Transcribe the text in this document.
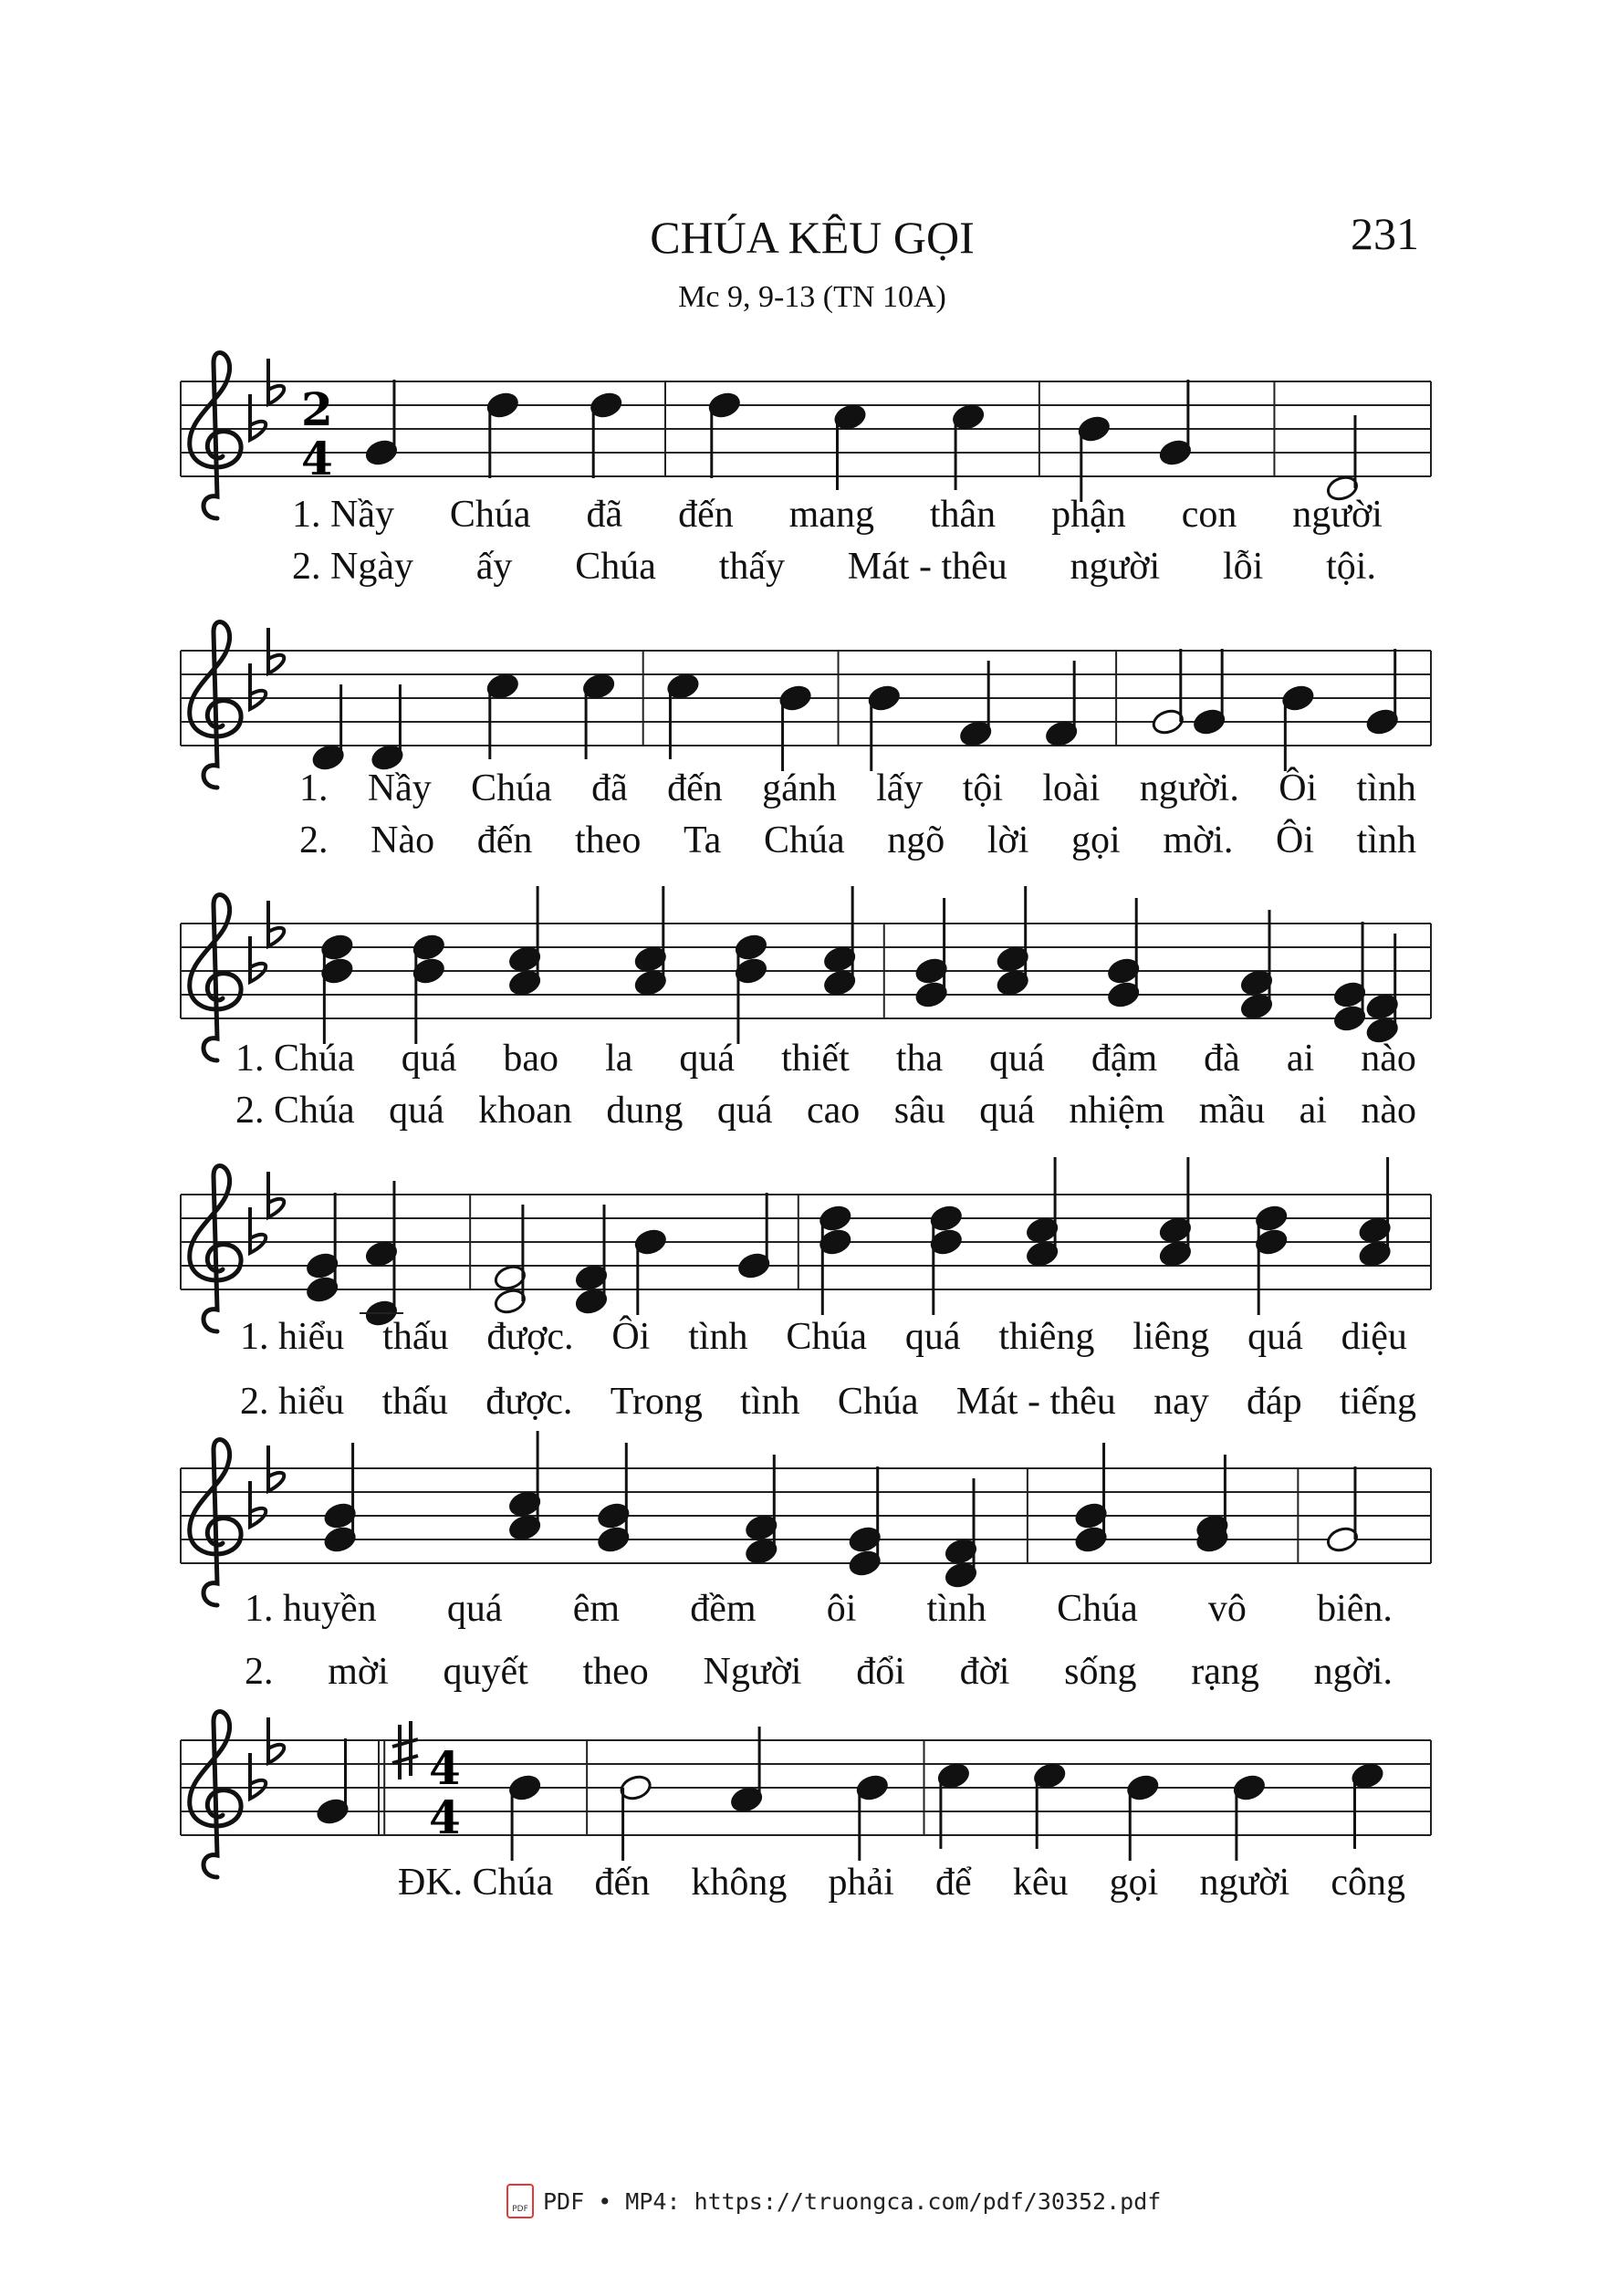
CHÚA KÊU GỌI	231
Mc 9, 9-13 (TN 10A)
2
4
4
4
1. Nầy Chúa đã đến mang thân phận con người
2. Ngày ấy Chúa thấy Mát - thêu người lỗi tội.
1. Nầy Chúa đã đến gánh lấy tội loài người. Ôi tình
2. Nào đến theo Ta Chúa ngõ lời gọi mời. Ôi tình
1. Chúa quá bao la quá thiết tha quá đậm đà ai nào
2. Chúa quá khoan dung quá cao sâu quá nhiệm mầu ai nào
1. hiểu thấu được. Ôi tình Chúa quá thiêng liêng quá diệu
2. hiểu thấu được. Trong tình Chúa Mát - thêu nay đáp tiếng
1. huyền quá êm đềm ôi tình Chúa vô biên.
2. mời quyết theo Người đổi đời sống rạng ngời.
ĐK. Chúa đến không phải để kêu gọi người công
PDF PDF • MP4: https://truongca.com/pdf/30352.pdf
